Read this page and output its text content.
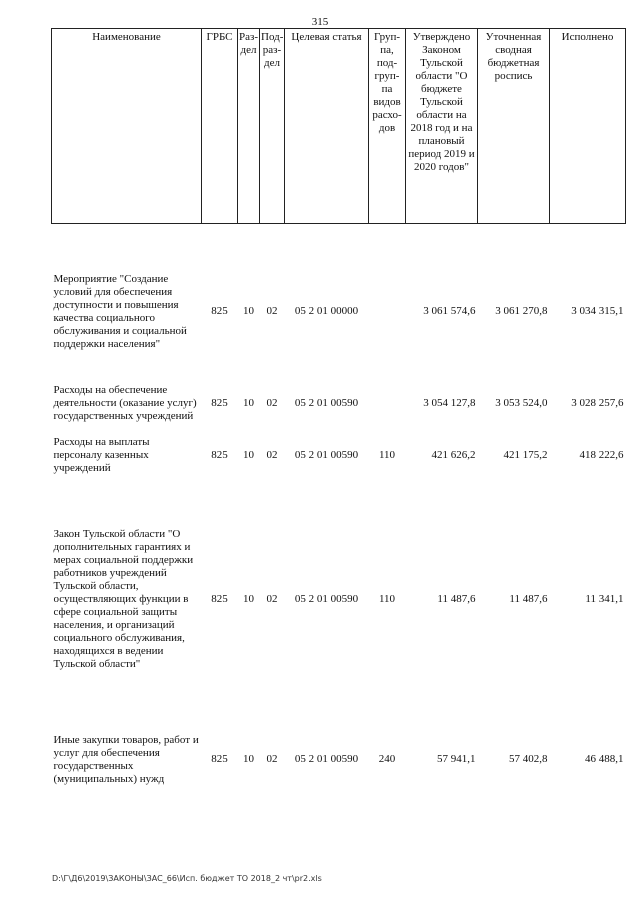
315
Наименование	ГРБС	Раз-дел	Под-раз-дел	Целевая статья	Груп-па, под-груп-па видов расхо-дов	Утверждено Законом Тульской области "О бюджете Тульской области на 2018 год и на плановый период 2019 и 2020 годов"	Уточненная сводная бюджетная роспись	Исполнено

Мероприятие "Создание условий для обеспечения доступности и повышения качества социального обслуживания и социальной поддержки населения"	825	10	02	05 2 01 00000		3 061 574,6	3 061 270,8	3 034 315,1

Расходы на обеспечение деятельности (оказание услуг) государственных учреждений	825	10	02	05 2 01 00590		3 054 127,8	3 053 524,0	3 028 257,6
Расходы на выплаты персоналу казенных учреждений	825	10	02	05 2 01 00590	110	421 626,2	421 175,2	418 222,6

Закон Тульской области "О дополнительных гарантиях и мерах социальной поддержки работников учреждений Тульской области, осуществляющих функции в сфере социальной защиты населения, и организаций социального обслуживания, находящихся в ведении Тульской области"	825	10	02	05 2 01 00590	110	11 487,6	11 487,6	11 341,1

Иные закупки товаров, работ и услуг для обеспечения государственных (муниципальных) нужд	825	10	02	05 2 01 00590	240	57 941,1	57 402,8	46 488,1
D:\Г\Д6\2019\ЗАКОНЫ\ЗАС_66\Исп. бюджет ТО 2018_2 чт\pr2.xls
